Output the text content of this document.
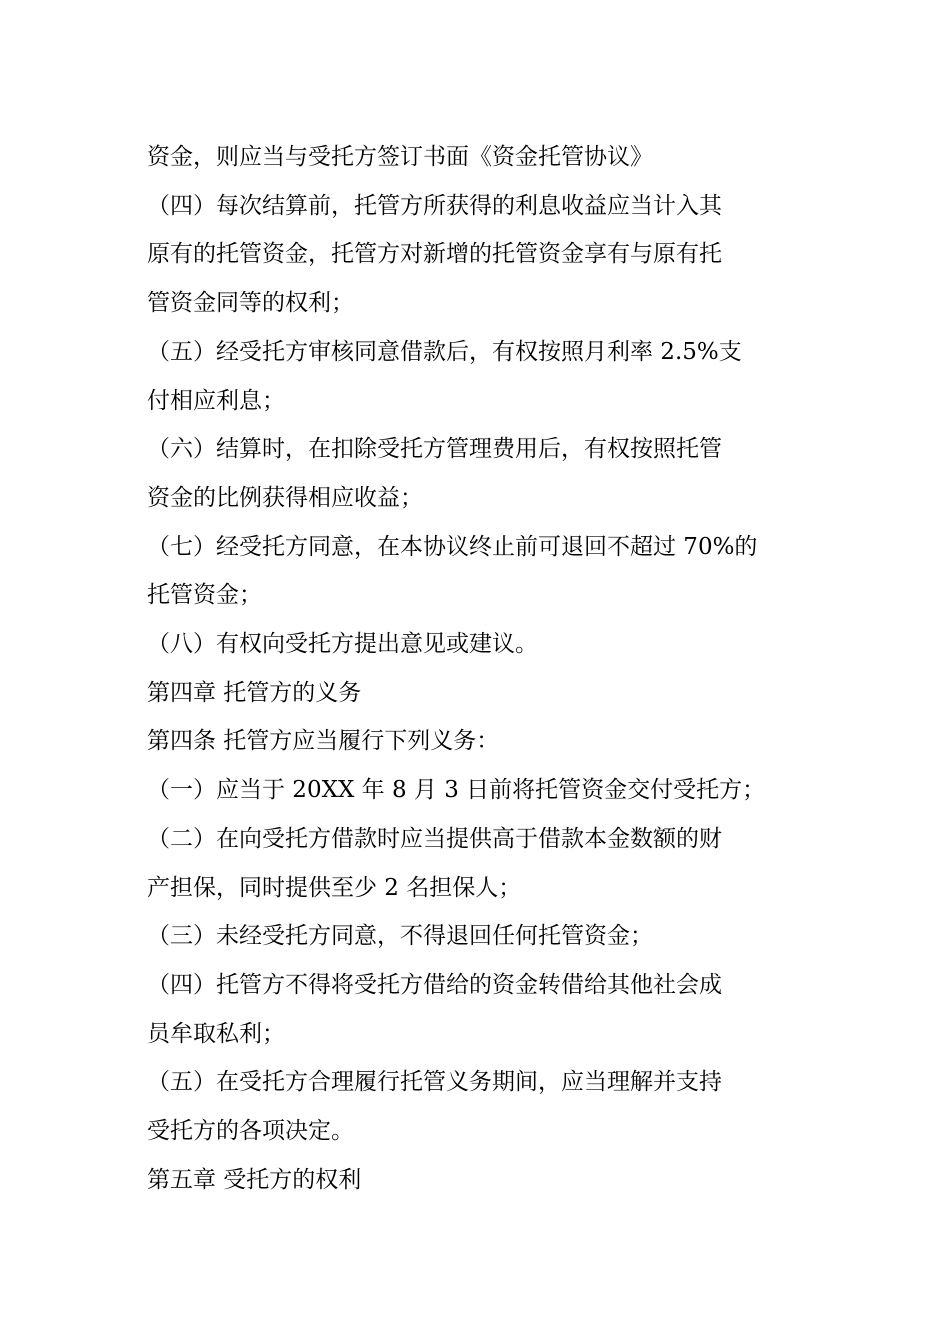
资金，则应当与受托方签订书面《资金托管协议》
（四）每次结算前，托管方所获得的利息收益应当计入其
原有的托管资金，托管方对新增的托管资金享有与原有托
管资金同等的权利；
（五）经受托方审核同意借款后，有权按照月利率 2.5%支
付相应利息；
（六）结算时，在扣除受托方管理费用后，有权按照托管
资金的比例获得相应收益；
（七）经受托方同意，在本协议终止前可退回不超过 70%的
托管资金；
（八）有权向受托方提出意见或建议。
第四章 托管方的义务
第四条 托管方应当履行下列义务：
（一）应当于 20XX 年 8 月 3 日前将托管资金交付受托方；
（二）在向受托方借款时应当提供高于借款本金数额的财
产担保，同时提供至少 2 名担保人；
（三）未经受托方同意，不得退回任何托管资金；
（四）托管方不得将受托方借给的资金转借给其他社会成
员牟取私利；
（五）在受托方合理履行托管义务期间，应当理解并支持
受托方的各项决定。
第五章 受托方的权利
